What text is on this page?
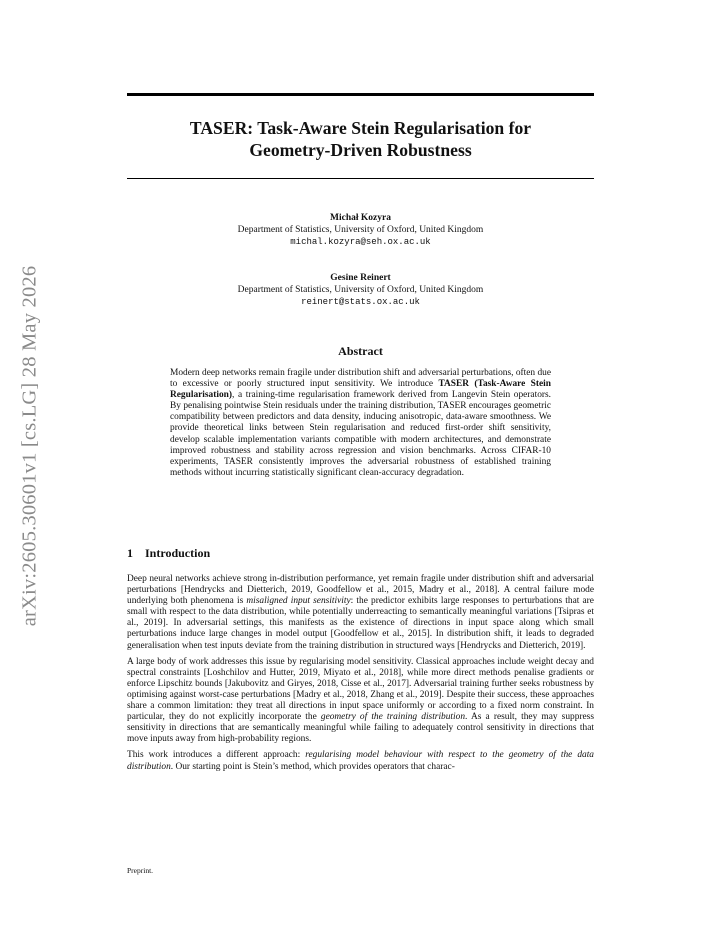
arXiv:2605.30601v1 [cs.LG] 28 May 2026
TASER: Task-Aware Stein Regularisation for
Geometry-Driven Robustness
Michał Kozyra
Department of Statistics, University of Oxford, United Kingdom
michal.kozyra@seh.ox.ac.uk
Gesine Reinert
Department of Statistics, University of Oxford, United Kingdom
reinert@stats.ox.ac.uk
Abstract

Modern deep networks remain fragile under distribution shift and adversarial perturbations, often due to excessive or poorly structured input sensitivity. We introduce TASER (Task-Aware Stein Regularisation), a training-time regularisation framework derived from Langevin Stein operators. By penalising pointwise Stein residuals under the training distribution, TASER encourages geometric compatibility between predictors and data density, inducing anisotropic, data-aware smoothness. We provide theoretical links between Stein regularisation and reduced first-order shift sensitivity, develop scalable implementation variants compatible with modern architectures, and demonstrate improved robustness and stability across regression and vision benchmarks. Across CIFAR-10 experiments, TASER consistently improves the adversarial robustness of established training methods without incurring statistically significant clean-accuracy degradation.

1 Introduction

Deep neural networks achieve strong in-distribution performance, yet remain fragile under distribution shift and adversarial perturbations [Hendrycks and Dietterich, 2019, Goodfellow et al., 2015, Madry et al., 2018]. A central failure mode underlying both phenomena is misaligned input sensitivity: the predictor exhibits large responses to perturbations that are small with respect to the data distribution, while potentially underreacting to semantically meaningful variations [Tsipras et al., 2019]. In adversarial settings, this manifests as the existence of directions in input space along which small perturbations induce large changes in model output [Goodfellow et al., 2015]. In distribution shift, it leads to degraded generalisation when test inputs deviate from the training distribution in structured ways [Hendrycks and Dietterich, 2019].

A large body of work addresses this issue by regularising model sensitivity. Classical approaches include weight decay and spectral constraints [Loshchilov and Hutter, 2019, Miyato et al., 2018], while more direct methods penalise gradients or enforce Lipschitz bounds [Jakubovitz and Giryes, 2018, Cisse et al., 2017]. Adversarial training further seeks robustness by optimising against worst-case perturbations [Madry et al., 2018, Zhang et al., 2019]. Despite their success, these approaches share a common limitation: they treat all directions in input space uniformly or according to a fixed norm constraint. In particular, they do not explicitly incorporate the geometry of the training distribution. As a result, they may suppress sensitivity in directions that are semantically meaningful while failing to adequately control sensitivity in directions that move inputs away from high-probability regions.

This work introduces a different approach: regularising model behaviour with respect to the geometry of the data distribution. Our starting point is Stein’s method, which provides operators that charac-

Preprint.
